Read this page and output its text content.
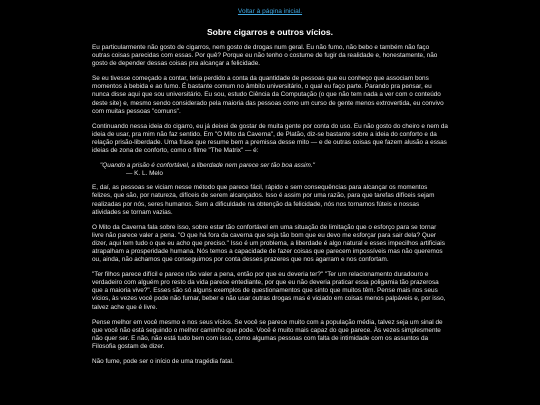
Voltar à página inicial.
Sobre cigarros e outros vícios.

Eu particularmente não gosto de cigarros, nem gosto de drogas num geral. Eu não fumo, não bebo e também não faço outras coisas parecidas com essas. Por quê? Porque eu não tenho o costume de fugir da realidade e, honestamente, não gosto de depender dessas coisas pra alcançar a felicidade.

Se eu tivesse começado a contar, teria perdido a conta da quantidade de pessoas que eu conheço que associam bons momentos à bebida e ao fumo. É bastante comum no âmbito universitário, o qual eu faço parte. Parando pra pensar, eu nunca disse aqui que sou universitário. Eu sou, estudo Ciência da Computação (o que não tem nada a ver com o conteúdo deste site) e, mesmo sendo considerado pela maioria das pessoas como um curso de gente menos extrovertida, eu convivo com muitas pessoas "comuns".

Continuando nessa ideia do cigarro, eu já deixei de gostar de muita gente por conta do uso. Eu não gosto do cheiro e nem da ideia de usar, pra mim não faz sentido. Em "O Mito da Caverna", de Platão, diz-se bastante sobre a ideia do conforto e da relação prisão-liberdade. Uma frase que resume bem a premissa desse mito — e de outras coisas que fazem alusão a essas ideias de zona de conforto, como o filme "The Matrix" — é:

"Quando a prisão é confortável, a liberdade nem parece ser tão boa assim."
— K. L. Melo

E, daí, as pessoas se viciam nesse método que parece fácil, rápido e sem consequências para alcançar os momentos felizes, que são, por natureza, difíceis de serem alcançados. Isso é assim por uma razão, para que tarefas difíceis sejam realizadas por nós, seres humanos. Sem a dificuldade na obtenção da felicidade, nós nos tornamos fúteis e nossas atividades se tornam vazias.

O Mito da Caverna fala sobre isso, sobre estar tão confortável em uma situação de limitação que o esforço para se tornar livre não parece valer a pena. "O que há fora da caverna que seja tão bom que eu devo me esforçar para sair dela? Quer dizer, aqui tem tudo o que eu acho que preciso." Isso é um problema, a liberdade é algo natural e esses impecilhos artificiais atrapalham a prosperidade humana. Nós temos a capacidade de fazer coisas que parecem impossíveis mas não queremos ou, ainda, não achamos que conseguimos por conta desses prazeres que nos agarram e nos confortam.

"Ter filhos parece difícil e parece não valer a pena, então por que eu deveria ter?" "Ter um relacionamento duradouro e verdadeiro com alguém pro resto da vida parece entediante, por que eu não deveria praticar essa poligamia tão prazerosa que a maioria vive?". Esses são só alguns exemplos de questionamentos que sinto que muitos têm. Pense mais nos seus vícios, às vezes você pode não fumar, beber e não usar outras drogas mas é viciado em coisas menos palpáveis e, por isso, talvez ache que é livre.

Pense melhor em você mesmo e nos seus vícios. Se você se parece muito com a população média, talvez seja um sinal de que você não está seguindo o melhor caminho que pode. Você é muito mais capaz do que parece. Às vezes simplesmente não quer ser. E não, não está tudo bem com isso, como algumas pessoas com falta de intimidade com os assuntos da Filosofia gostam de dizer.

Não fume, pode ser o início de uma tragédia fatal.
